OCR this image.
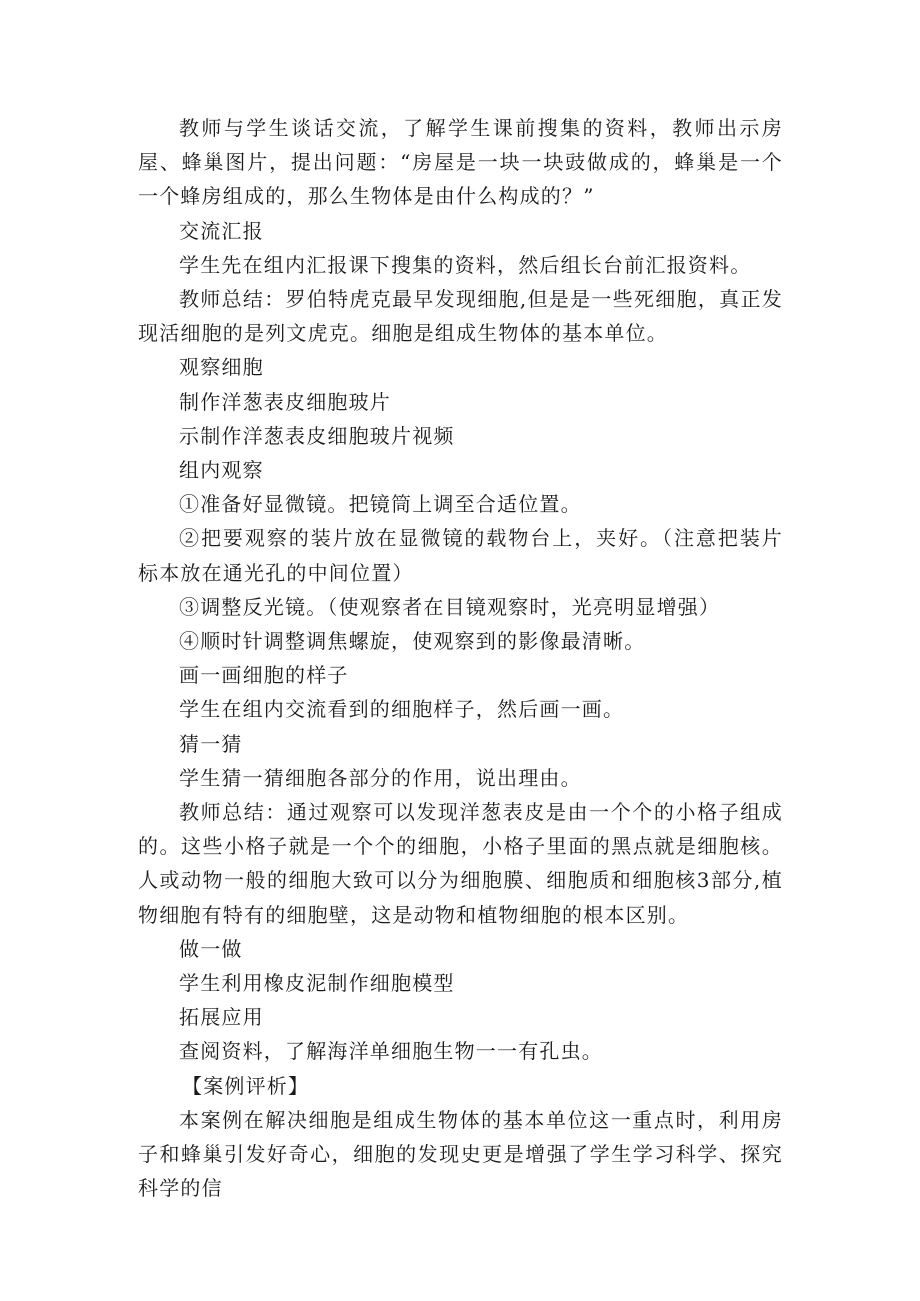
教师与学生谈话交流，了解学生课前搜集的资料，教师出示房屋、蜂巢图片，提出问题：“房屋是一块一块豉做成的，蜂巢是一个一个蜂房组成的，那么生物体是由什么构成的？”

交流汇报

学生先在组内汇报课下搜集的资料，然后组长台前汇报资料。

教师总结：罗伯特虎克最早发现细胞,但是是一些死细胞，真正发现活细胞的是列文虎克。细胞是组成生物体的基本单位。

观察细胞

制作洋葱表皮细胞玻片

示制作洋葱表皮细胞玻片视频

组内观察

①准备好显微镜。把镜筒上调至合适位置。

②把要观察的装片放在显微镜的载物台上，夹好。（注意把装片标本放在通光孔的中间位置）

③调整反光镜。（使观察者在目镜观察时，光亮明显增强）

④顺时针调整调焦螺旋，使观察到的影像最清晰。

画一画细胞的样子

学生在组内交流看到的细胞样子，然后画一画。

猜一猜

学生猜一猜细胞各部分的作用，说出理由。

教师总结：通过观察可以发现洋葱表皮是由一个个的小格子组成的。这些小格子就是一个个的细胞，小格子里面的黑点就是细胞核。人或动物一般的细胞大致可以分为细胞膜、细胞质和细胞核3部分,植物细胞有特有的细胞壁，这是动物和植物细胞的根本区别。

做一做

学生利用橡皮泥制作细胞模型

拓展应用

查阅资料，了解海洋单细胞生物一一有孔虫。

【案例评析】

本案例在解决细胞是组成生物体的基本单位这一重点时，利用房子和蜂巢引发好奇心，细胞的发现史更是增强了学生学习科学、探究科学的信
